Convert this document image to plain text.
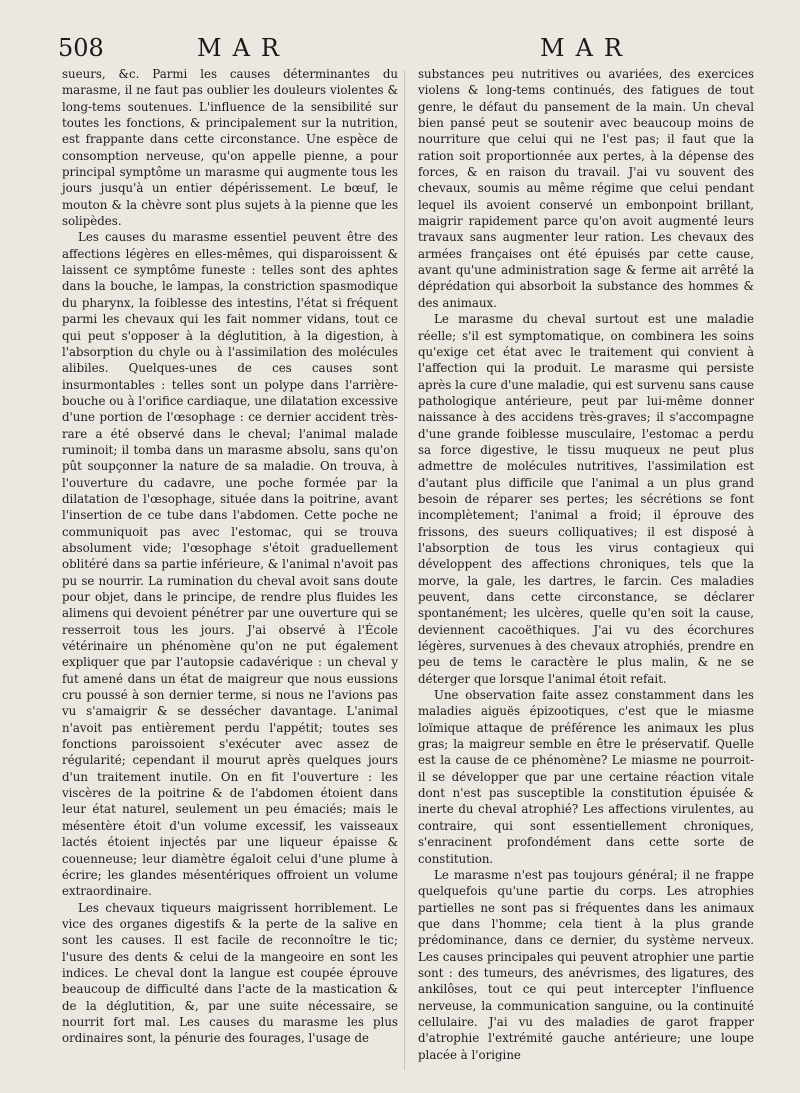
508	MAR	MAR

sueurs, &c. Parmi les causes déterminantes du marasme, il ne faut pas oublier les douleurs violentes & long-tems soutenues. L'influence de la sensibilité sur toutes les fonctions, & principalement sur la nutrition, est frappante dans cette circonstance. Une espèce de consomption nerveuse, qu'on appelle pienne, a pour principal symptôme un marasme qui augmente tous les jours jusqu'à un entier dépérissement. Le bœuf, le mouton & la chèvre sont plus sujets à la pienne que les solipèdes.

Les causes du marasme essentiel peuvent être des affections légères en elles-mêmes, qui disparoissent & laissent ce symptôme funeste : telles sont des aphtes dans la bouche, le lampas, la constriction spasmodique du pharynx, la foiblesse des intestins, l'état si fréquent parmi les chevaux qui les fait nommer vidans, tout ce qui peut s'opposer à la déglutition, à la digestion, à l'absorption du chyle ou à l'assimilation des molécules alibiles. Quelques-unes de ces causes sont insurmontables : telles sont un polype dans l'arrière-bouche ou à l'orifice cardiaque, une dilatation excessive d'une portion de l'œsophage : ce dernier accident très-rare a été observé dans le cheval; l'animal malade ruminoit; il tomba dans un marasme absolu, sans qu'on pût soupçonner la nature de sa maladie. On trouva, à l'ouverture du cadavre, une poche formée par la dilatation de l'œsophage, située dans la poitrine, avant l'insertion de ce tube dans l'abdomen. Cette poche ne communiquoit pas avec l'estomac, qui se trouva absolument vide; l'œsophage s'étoit graduellement oblitéré dans sa partie inférieure, & l'animal n'avoit pas pu se nourrir. La rumination du cheval avoit sans doute pour objet, dans le principe, de rendre plus fluides les alimens qui devoient pénétrer par une ouverture qui se resserroit tous les jours. J'ai observé à l'École vétérinaire un phénomène qu'on ne put également expliquer que par l'autopsie cadavérique : un cheval y fut amené dans un état de maigreur que nous eussions cru poussé à son dernier terme, si nous ne l'avions pas vu s'amaigrir & se dessécher davantage. L'animal n'avoit pas entièrement perdu l'appétit; toutes ses fonctions paroissoient s'exécuter avec assez de régularité; cependant il mourut après quelques jours d'un traitement inutile. On en fit l'ouverture : les viscères de la poitrine & de l'abdomen étoient dans leur état naturel, seulement un peu émaciés; mais le mésentère étoit d'un volume excessif, les vaisseaux lactés étoient injectés par une liqueur épaisse & couenneuse; leur diamètre égaloit celui d'une plume à écrire; les glandes mésentériques offroient un volume extraordinaire.

Les chevaux tiqueurs maigrissent horriblement. Le vice des organes digestifs & la perte de la salive en sont les causes. Il est facile de reconnoître le tic; l'usure des dents & celui de la mangeoire en sont les indices. Le cheval dont la langue est coupée éprouve beaucoup de difficulté dans l'acte de la mastication & de la déglutition, &, par une suite nécessaire, se nourrit fort mal. Les causes du marasme les plus ordinaires sont, la pénurie des fourages, l'usage de

substances peu nutritives ou avariées, des exercices violens & long-tems continués, des fatigues de tout genre, le défaut du pansement de la main. Un cheval bien pansé peut se soutenir avec beaucoup moins de nourriture que celui qui ne l'est pas; il faut que la ration soit proportionnée aux pertes, à la dépense des forces, & en raison du travail. J'ai vu souvent des chevaux, soumis au même régime que celui pendant lequel ils avoient conservé un embonpoint brillant, maigrir rapidement parce qu'on avoit augmenté leurs travaux sans augmenter leur ration. Les chevaux des armées françaises ont été épuisés par cette cause, avant qu'une administration sage & ferme ait arrêté la déprédation qui absorboit la substance des hommes & des animaux.

Le marasme du cheval surtout est une maladie réelle; s'il est symptomatique, on combinera les soins qu'exige cet état avec le traitement qui convient à l'affection qui la produit. Le marasme qui persiste après la cure d'une maladie, qui est survenu sans cause pathologique antérieure, peut par lui-même donner naissance à des accidens très-graves; il s'accompagne d'une grande foiblesse musculaire, l'estomac a perdu sa force digestive, le tissu muqueux ne peut plus admettre de molécules nutritives, l'assimilation est d'autant plus difficile que l'animal a un plus grand besoin de réparer ses pertes; les sécrétions se font incomplètement; l'animal a froid; il éprouve des frissons, des sueurs colliquatives; il est disposé à l'absorption de tous les virus contagieux qui développent des affections chroniques, tels que la morve, la gale, les dartres, le farcin. Ces maladies peuvent, dans cette circonstance, se déclarer spontanément; les ulcères, quelle qu'en soit la cause, deviennent cacoëthiques. J'ai vu des écorchures légères, survenues à des chevaux atrophiés, prendre en peu de tems le caractère le plus malin, & ne se déterger que lorsque l'animal étoit refait.

Une observation faite assez constamment dans les maladies aiguës épizootiques, c'est que le miasme loïmique attaque de préférence les animaux les plus gras; la maigreur semble en être le préservatif. Quelle est la cause de ce phénomène? Le miasme ne pourroit-il se développer que par une certaine réaction vitale dont n'est pas susceptible la constitution épuisée & inerte du cheval atrophié? Les affections virulentes, au contraire, qui sont essentiellement chroniques, s'enracinent profondément dans cette sorte de constitution.

Le marasme n'est pas toujours général; il ne frappe quelquefois qu'une partie du corps. Les atrophies partielles ne sont pas si fréquentes dans les animaux que dans l'homme; cela tient à la plus grande prédominance, dans ce dernier, du système nerveux. Les causes principales qui peuvent atrophier une partie sont : des tumeurs, des anévrismes, des ligatures, des ankilôses, tout ce qui peut intercepter l'influence nerveuse, la communication sanguine, ou la continuité cellulaire. J'ai vu des maladies de garot frapper d'atrophie l'extrémité gauche antérieure; une loupe placée à l'origine
